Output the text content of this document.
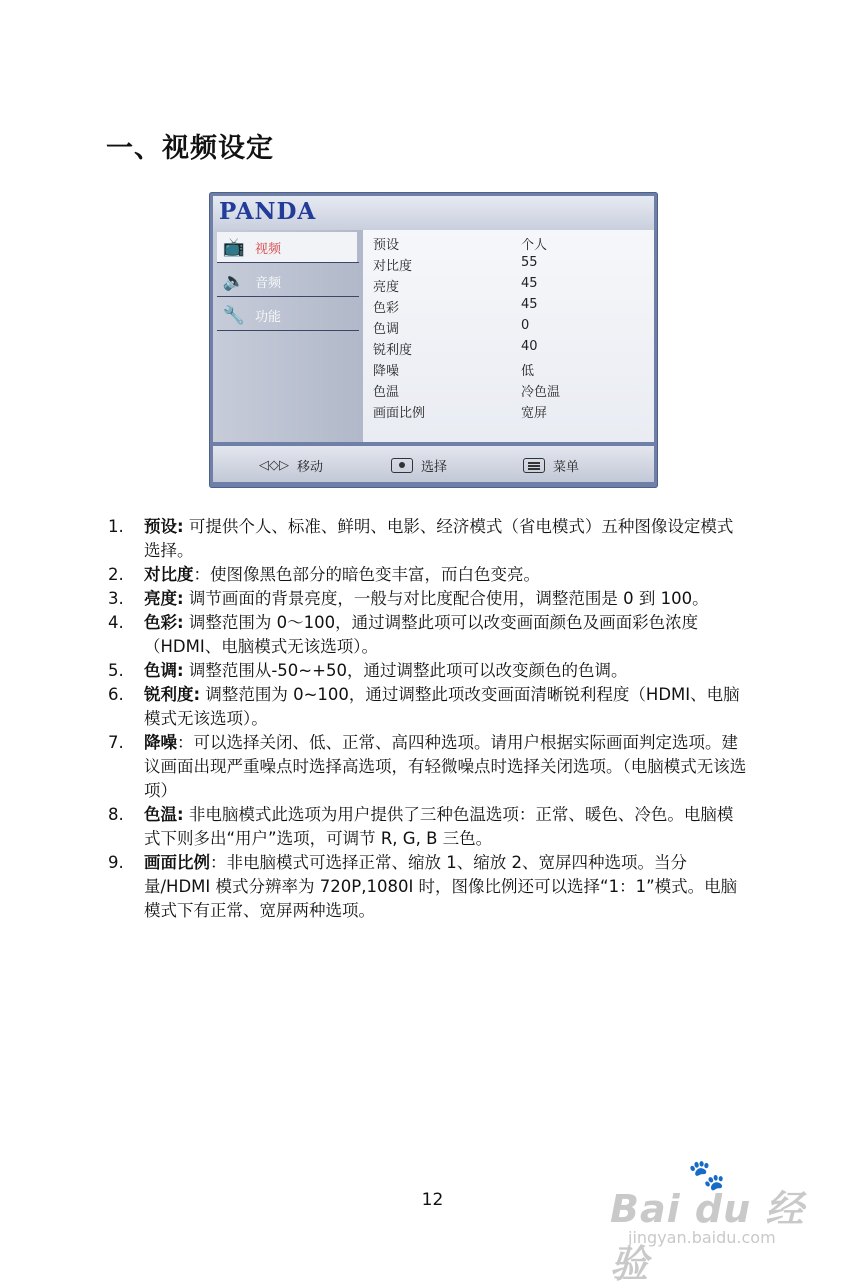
一、视频设定
PANDA
📺 视频
🔈 音频
🔧 功能
预设	个人
对比度	55
亮度	45
色彩	45
色调	0
锐利度	40
降噪	低
色温	冷色温
画面比例	宽屏
◁◇▷ 移动	选择	菜单
1.	预设: 可提供个人、标准、鲜明、电影、经济模式（省电模式）五种图像设定模式选择。
2.	对比度：使图像黑色部分的暗色变丰富，而白色变亮。
3.	亮度: 调节画面的背景亮度，一般与对比度配合使用，调整范围是 0 到 100。
4.	色彩: 调整范围为 0～100，通过调整此项可以改变画面颜色及画面彩色浓度（HDMI、电脑模式无该选项）。
5.	色调: 调整范围从-50~+50，通过调整此项可以改变颜色的色调。
6.	锐利度: 调整范围为 0~100，通过调整此项改变画面清晰锐利程度（HDMI、电脑模式无该选项）。
7.	降噪：可以选择关闭、低、正常、高四种选项。请用户根据实际画面判定选项。建议画面出现严重噪点时选择高选项，有轻微噪点时选择关闭选项。（电脑模式无该选项）
8.	色温: 非电脑模式此选项为用户提供了三种色温选项：正常、暖色、冷色。电脑模式下则多出“用户”选项，可调节 R, G, B 三色。
9.	画面比例：非电脑模式可选择正常、缩放 1、缩放 2、宽屏四种选项。当分量/HDMI 模式分辨率为 720P,1080I 时，图像比例还可以选择“1：1”模式。电脑模式下有正常、宽屏两种选项。
12
🐾
Bai du 经验
jingyan.baidu.com
